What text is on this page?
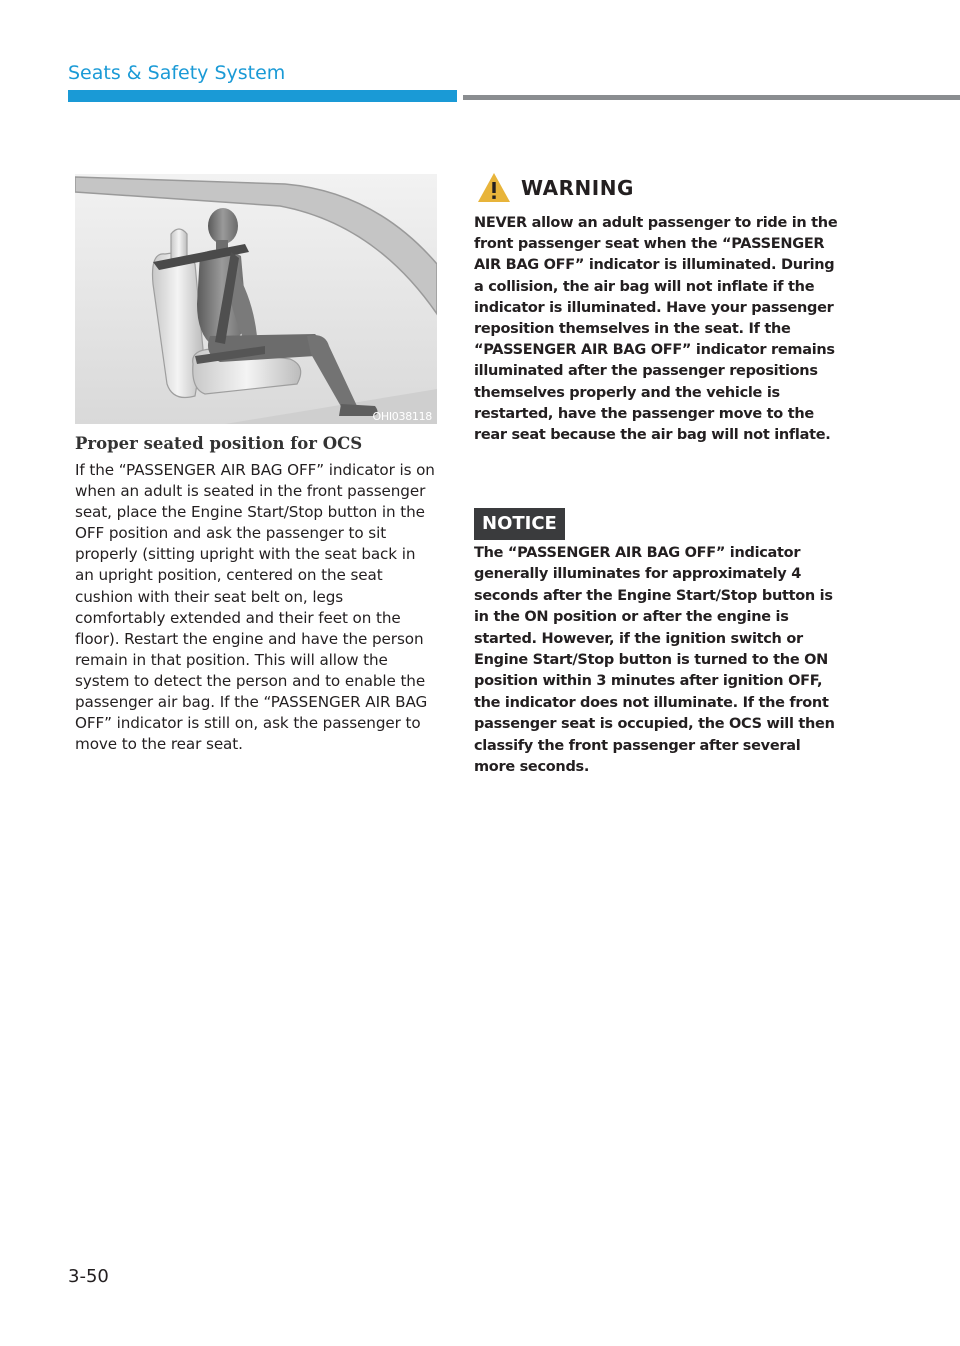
Seats & Safety System
OHI038118

Proper seated position for OCS

If the “PASSENGER AIR BAG OFF” indicator is on when an adult is seated in the front passenger seat, place the Engine Start/Stop button in the OFF position and ask the passenger to sit properly (sitting upright with the seat back in an upright position, centered on the seat cushion with their seat belt on, legs comfortably extended and their feet on the floor). Restart the engine and have the person remain in that position. This will allow the system to detect the person and to enable the passenger air bag. If the “PASSENGER AIR BAG OFF” indicator is still on, ask the passenger to move to the rear seat.

WARNING

NEVER allow an adult passenger to ride in the front passenger seat when the “PASSENGER AIR BAG OFF” indicator is illuminated. During a collision, the air bag will not inflate if the indicator is illuminated. Have your passenger reposition themselves in the seat. If the “PASSENGER AIR BAG OFF” indicator remains illuminated after the passenger repositions themselves properly and the vehicle is restarted, have the passenger move to the rear seat because the air bag will not inflate.

NOTICE

The “PASSENGER AIR BAG OFF” indicator generally illuminates for approximately 4 seconds after the Engine Start/Stop button is in the ON position or after the engine is started. However, if the ignition switch or Engine Start/Stop button is turned to the ON position within 3 minutes after ignition OFF, the indicator does not illuminate. If the front passenger seat is occupied, the OCS will then classify the front passenger after several more seconds.

3-50
